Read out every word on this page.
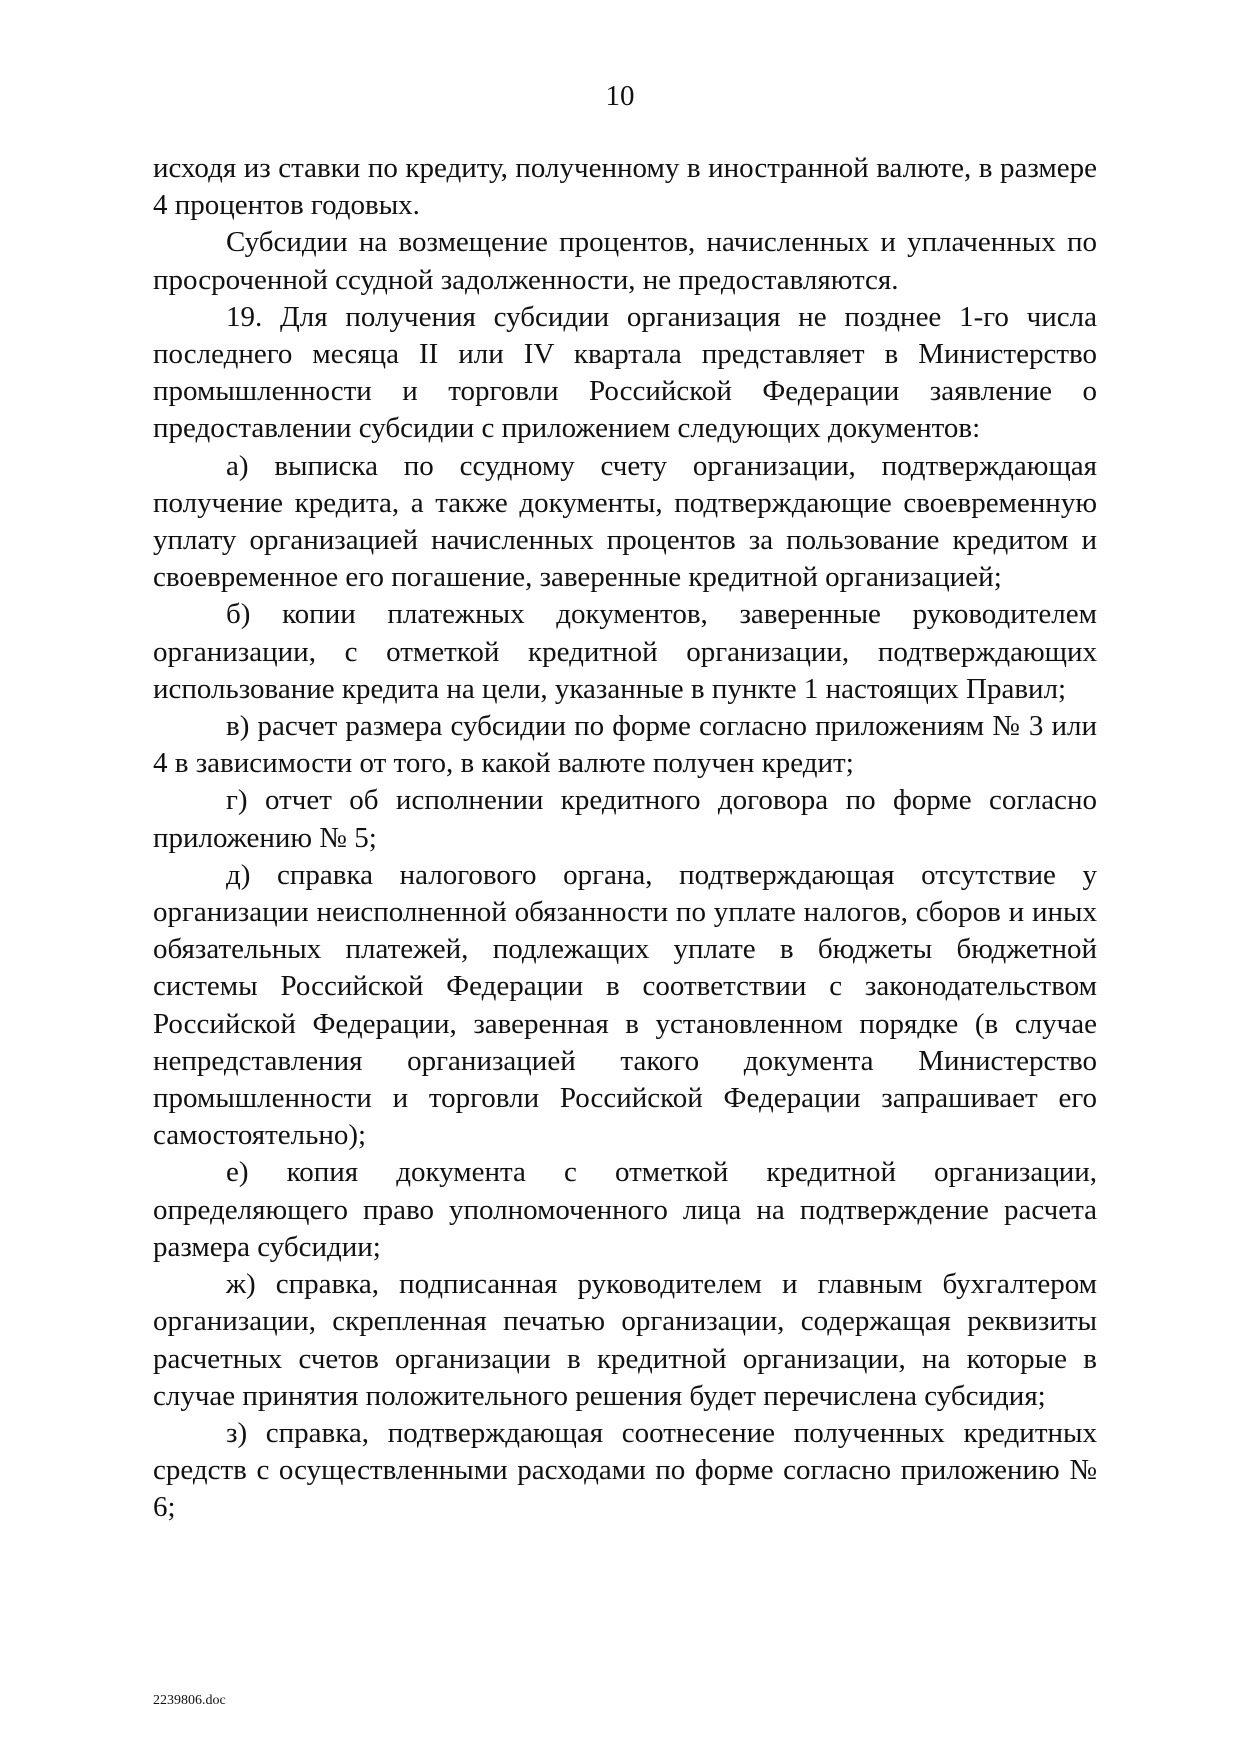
10

исходя из ставки по кредиту, полученному в иностранной валюте, в размере 4 процентов годовых.

Субсидии на возмещение процентов, начисленных и уплаченных по просроченной ссудной задолженности, не предоставляются.

19. Для получения субсидии организация не позднее 1-го числа последнего месяца II или IV квартала представляет в Министерство промышленности и торговли Российской Федерации заявление о предоставлении субсидии с приложением следующих документов:

а) выписка по ссудному счету организации, подтверждающая получение кредита, а также документы, подтверждающие своевременную уплату организацией начисленных процентов за пользование кредитом и своевременное его погашение, заверенные кредитной организацией;

б) копии платежных документов, заверенные руководителем организации, с отметкой кредитной организации, подтверждающих использование кредита на цели, указанные в пункте 1 настоящих Правил;

в) расчет размера субсидии по форме согласно приложениям № 3 или 4 в зависимости от того, в какой валюте получен кредит;

г) отчет об исполнении кредитного договора по форме согласно приложению № 5;

д) справка налогового органа, подтверждающая отсутствие у организации неисполненной обязанности по уплате налогов, сборов и иных обязательных платежей, подлежащих уплате в бюджеты бюджетной системы Российской Федерации в соответствии с законодательством Российской Федерации, заверенная в установленном порядке (в случае непредставления организацией такого документа Министерство промышленности и торговли Российской Федерации запрашивает его самостоятельно);

е) копия документа с отметкой кредитной организации, определяющего право уполномоченного лица на подтверждение расчета размера субсидии;

ж) справка, подписанная руководителем и главным бухгалтером организации, скрепленная печатью организации, содержащая реквизиты расчетных счетов организации в кредитной организации, на которые в случае принятия положительного решения будет перечислена субсидия;

з) справка, подтверждающая соотнесение полученных кредитных средств с осуществленными расходами по форме согласно приложению № 6;

2239806.doc
